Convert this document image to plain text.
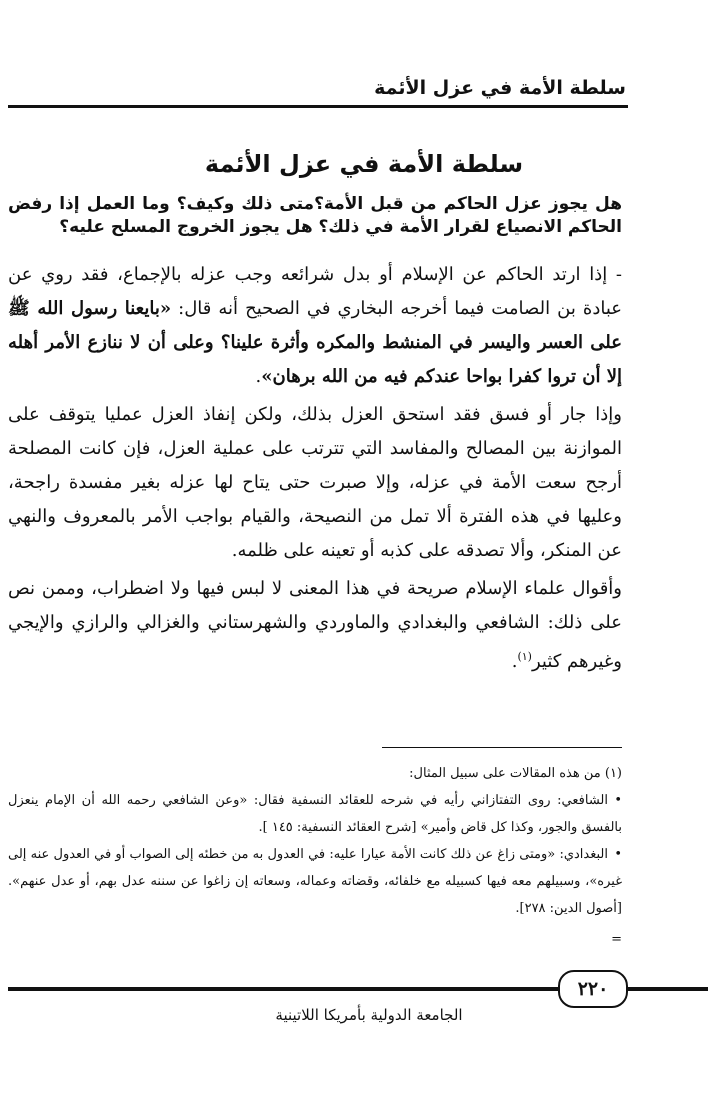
سلطة الأمة في عزل الأئمة
سلطة الأمة في عزل الأئمة
هل يجوز عزل الحاكم من قبل الأمة؟متى ذلك وكيف؟ وما العمل إذا رفض الحاكم الانصياع لقرار الأمة في ذلك؟ هل يجوز الخروج المسلح عليه؟

- إذا ارتد الحاكم عن الإسلام أو بدل شرائعه وجب عزله بالإجماع، فقد روي عن عبادة بن الصامت فيما أخرجه البخاري في الصحيح أنه قال: «بايعنا رسول الله ﷺ على العسر واليسر في المنشط والمكره وأثرة علينا؟ وعلى أن لا ننازع الأمر أهله إلا أن تروا كفرا بواحا عندكم فيه من الله برهان».

وإذا جار أو فسق فقد استحق العزل بذلك، ولكن إنفاذ العزل عمليا يتوقف على الموازنة بين المصالح والمفاسد التي تترتب على عملية العزل، فإن كانت المصلحة أرجح سعت الأمة في عزله، وإلا صبرت حتى يتاح لها عزله بغير مفسدة راجحة، وعليها في هذه الفترة ألا تمل من النصيحة، والقيام بواجب الأمر بالمعروف والنهي عن المنكر، وألا تصدقه على كذبه أو تعينه على ظلمه.

وأقوال علماء الإسلام صريحة في هذا المعنى لا لبس فيها ولا اضطراب، وممن نص على ذلك: الشافعي والبغدادي والماوردي والشهرستاني والغزالي والرازي والإيجي وغيرهم كثير$^{(١)}$.

(١) من هذه المقالات على سبيل المثال:

•الشافعي: روى التفتازاني رأيه في شرحه للعقائد النسفية فقال: «وعن الشافعي رحمه الله أن الإمام ينعزل بالفسق والجور، وكذا كل قاض وأمير» [شرح العقائد النسفية: ١٤٥ ].

•البغدادي: «ومتى زاغ عن ذلك كانت الأمة عيارا عليه: في العدول به من خطئه إلى الصواب أو في العدول عنه إلى غيره»، وسبيلهم معه فيها كسبيله مع خلفائه، وقضاته وعماله، وسعاته إن زاغوا عن سننه عدل بهم، أو عدل عنهم». [أصول الدين: ٢٧٨].

=

٢٢٠
الجامعة الدولية بأمريكا اللاتينية
